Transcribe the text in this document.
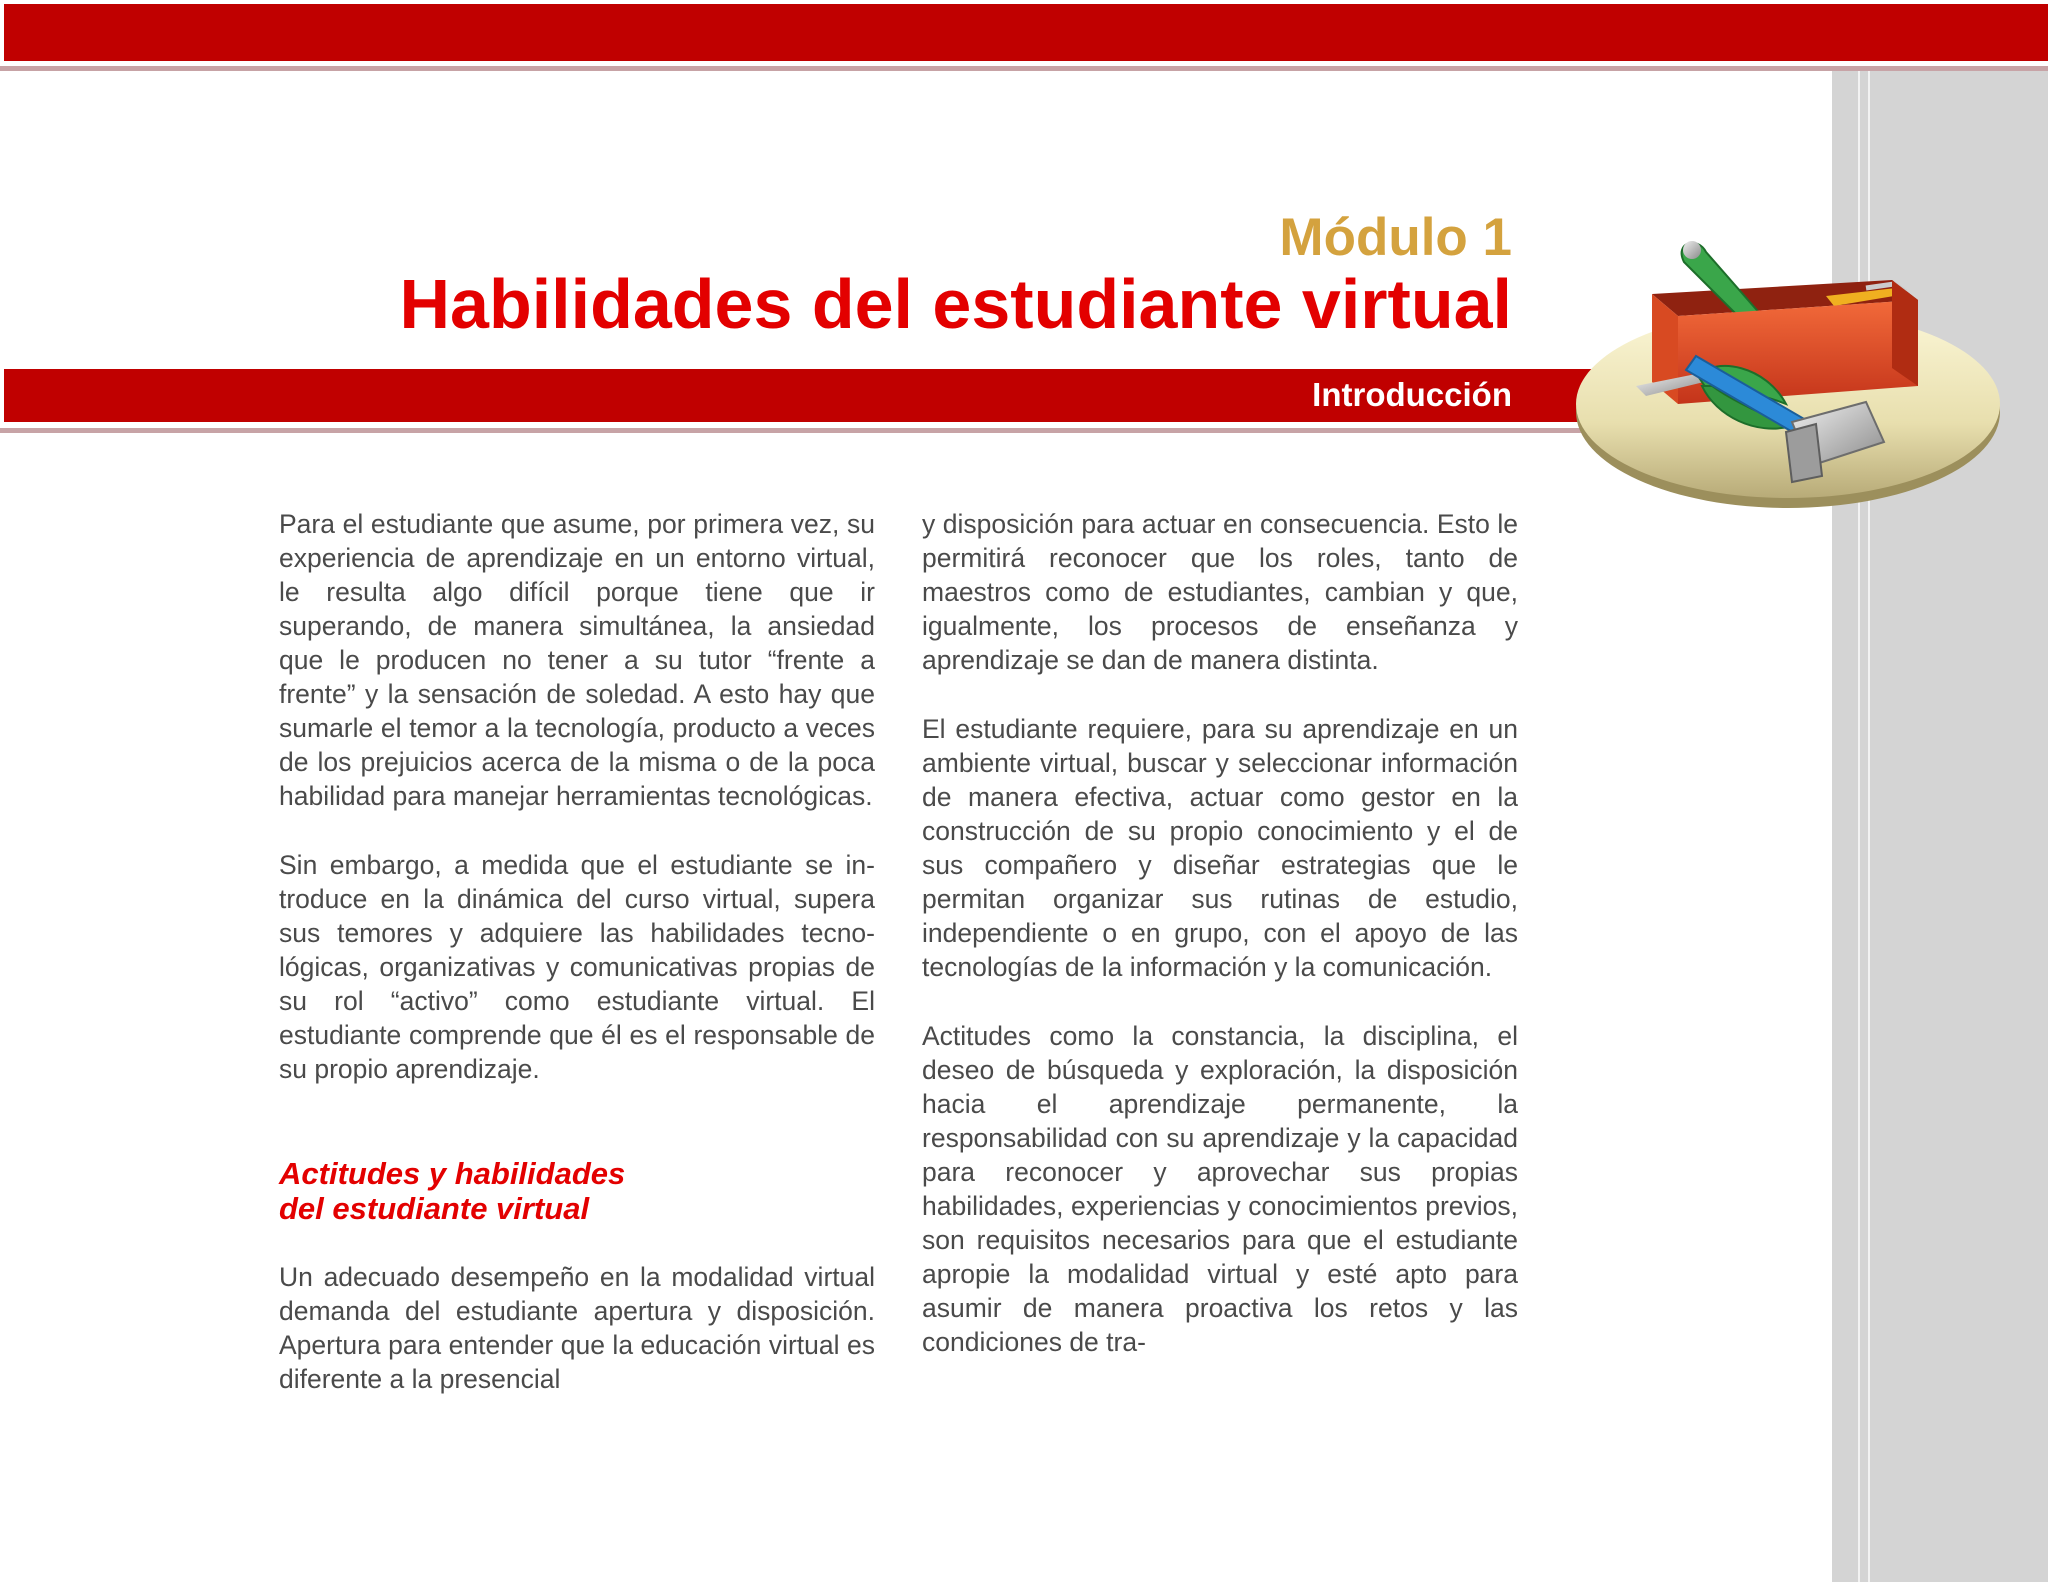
Módulo 1
Habilidades del estudiante virtual
Introducción

Para el estudiante que asume, por primera vez, su experiencia de aprendizaje en un entorno virtual, le resulta algo difícil porque tiene que ir superando, de manera simultánea, la ansiedad que le producen no tener a su tutor “frente a frente” y la sensación de soledad. A esto hay que sumarle el temor a la tecnología, producto a veces de los prejuicios acerca de la misma o de la poca habilidad para manejar herramientas tecnológicas.

Sin embargo, a medida que el estudiante se introduce en la dinámica del curso virtual, supera sus temores y adquiere las habilidades tecnológicas, organizativas y comunicativas propias de su rol “activo” como estudiante virtual. El estudiante comprende que él es el responsable de su propio aprendizaje.

Actitudes y habilidades
del estudiante virtual

Un adecuado desempeño en la modalidad virtual demanda del estudiante apertura y disposición. Apertura para entender que la educación virtual es diferente a la presencial

y disposición para actuar en consecuencia. Esto le permitirá reconocer que los roles, tanto de maestros como de estudiantes, cambian y que, igualmente, los procesos de enseñanza y aprendizaje se dan de manera distinta.

El estudiante requiere, para su aprendizaje en un ambiente virtual, buscar y seleccionar información de manera efectiva, actuar como gestor en la construcción de su propio conocimiento y el de sus compañero y diseñar estrategias que le permitan organizar sus rutinas de estudio, independiente o en grupo, con el apoyo de las tecnologías de la información y la comunicación.

Actitudes como la constancia, la disciplina, el deseo de búsqueda y exploración, la disposición hacia el aprendizaje permanente, la responsabilidad con su aprendizaje y la capacidad para reconocer y aprovechar sus propias habilidades, experiencias y conocimientos previos, son requisitos necesarios para que el estudiante apropie la modalidad virtual y esté apto para asumir de manera proactiva los retos y las condiciones de tra-
